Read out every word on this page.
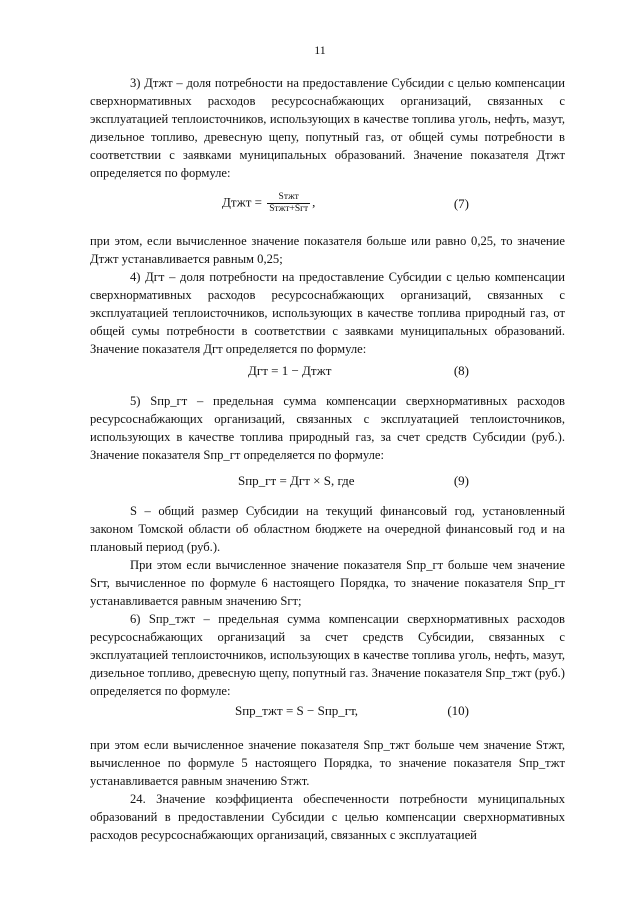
11

3) Дтжт – доля потребности на предоставление Субсидии с целью компенсации сверхнормативных расходов ресурсоснабжающих организаций, связанных с эксплуатацией теплоисточников, использующих в качестве топлива уголь, нефть, мазут, дизельное топливо, древесную щепу, попутный газ, от общей сумы потребности в соответствии с заявками муниципальных образований. Значение показателя Дтжт определяется по формуле:

Дтжт = $\frac{\text{Sтжт}}{\text{Sтжт+Sгт}}$ ,	(7)

при этом, если вычисленное значение показателя больше или равно 0,25, то значение Дтжт устанавливается равным 0,25;

4) Дгт – доля потребности на предоставление Субсидии с целью компенсации сверхнормативных расходов ресурсоснабжающих организаций, связанных с эксплуатацией теплоисточников, использующих в качестве топлива природный газ, от общей сумы потребности в соответствии с заявками муниципальных образований. Значение показателя Дгт определяется по формуле:

Дгт = 1 − Дтжт	(8)

5) Sпр_гт – предельная сумма компенсации сверхнормативных расходов ресурсоснабжающих организаций, связанных с эксплуатацией теплоисточников, использующих в качестве топлива природный газ, за счет средств Субсидии (руб.). Значение показателя Sпр_гт определяется по формуле:

Sпр_гт = Дгт × S, где	(9)

S – общий размер Субсидии на текущий финансовый год, установленный законом Томской области об областном бюджете на очередной финансовый год и на плановый период (руб.).

При этом если вычисленное значение показателя Sпр_гт больше чем значение Sгт, вычисленное по формуле 6 настоящего Порядка, то значение показателя Sпр_гт устанавливается равным значению Sгт;

6) Sпр_тжт – предельная сумма компенсации сверхнормативных расходов ресурсоснабжающих организаций за счет средств Субсидии, связанных с эксплуатацией теплоисточников, использующих в качестве топлива уголь, нефть, мазут, дизельное топливо, древесную щепу, попутный газ. Значение показателя Sпр_тжт (руб.) определяется по формуле:

Sпр_тжт = S − Sпр_гт,	(10)

при этом если вычисленное значение показателя Sпр_тжт больше чем значение Sтжт, вычисленное по формуле 5 настоящего Порядка, то значение показателя Sпр_тжт устанавливается равным значению Sтжт.

24. Значение коэффициента обеспеченности потребности муниципальных образований в предоставлении Субсидии с целью компенсации сверхнормативных расходов ресурсоснабжающих организаций, связанных с эксплуатацией
